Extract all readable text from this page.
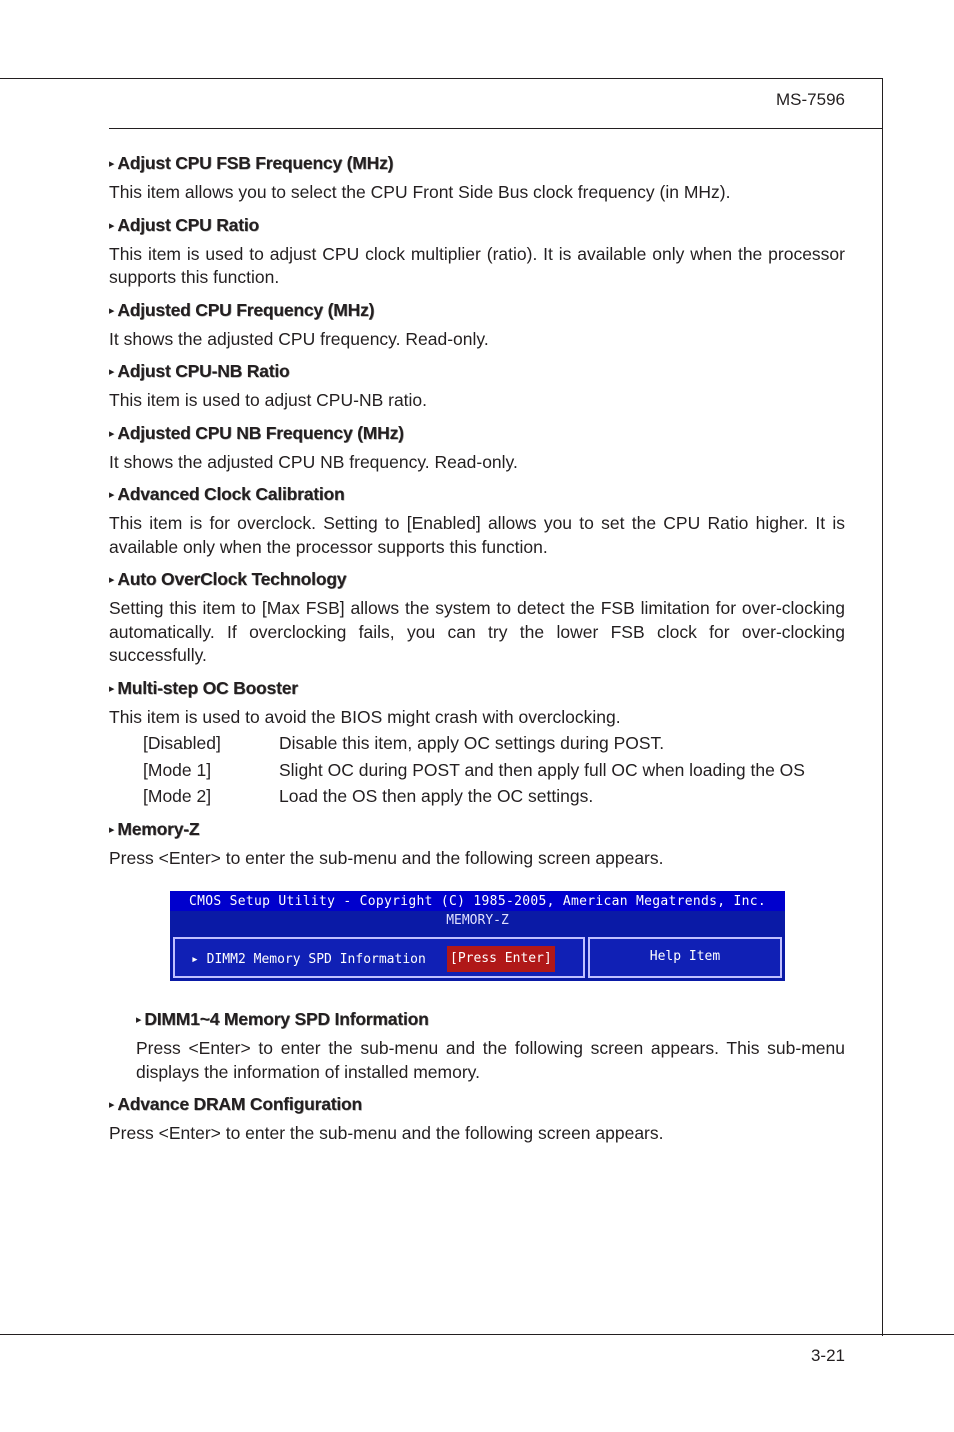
MS-7596
▸ Adjust CPU FSB Frequency (MHz)
This item allows you to select the CPU Front Side Bus clock frequency (in MHz).
▸ Adjust CPU Ratio
This item is used to adjust CPU clock multiplier (ratio). It is available only when the processor supports this function.
▸ Adjusted CPU Frequency (MHz)
It shows the adjusted CPU frequency. Read-only.
▸ Adjust CPU-NB Ratio
This item is used to adjust CPU-NB ratio.
▸ Adjusted CPU NB Frequency (MHz)
It shows the adjusted CPU NB frequency. Read-only.
▸ Advanced Clock Calibration
This item is for overclock. Setting to [Enabled] allows you to set the CPU Ratio higher. It is available only when the processor supports this function.
▸ Auto OverClock Technology
Setting this item to [Max FSB] allows the system to detect the FSB limitation for over-clocking automatically. If overclocking fails, you can try the lower FSB clock for over-clocking successfully.
▸ Multi-step OC Booster
This item is used to avoid the BIOS might crash with overclocking.
[Disabled]	Disable this item, apply OC settings during POST.
[Mode 1]	Slight OC during POST and then apply full OC when loading the OS
[Mode 2]	Load the OS then apply the OC settings.
▸ Memory-Z
Press <Enter> to enter the sub-menu and the following screen appears.
CMOS Setup Utility - Copyright (C) 1985-2005, American Megatrends, Inc.
MEMORY-Z
▸ DIMM2 Memory SPD Information [Press Enter]	Help Item
▸ DIMM1~4 Memory SPD Information
Press <Enter> to enter the sub-menu and the following screen appears. This sub-menu displays the information of installed memory.
▸ Advance DRAM Configuration
Press <Enter> to enter the sub-menu and the following screen appears.
3-21
